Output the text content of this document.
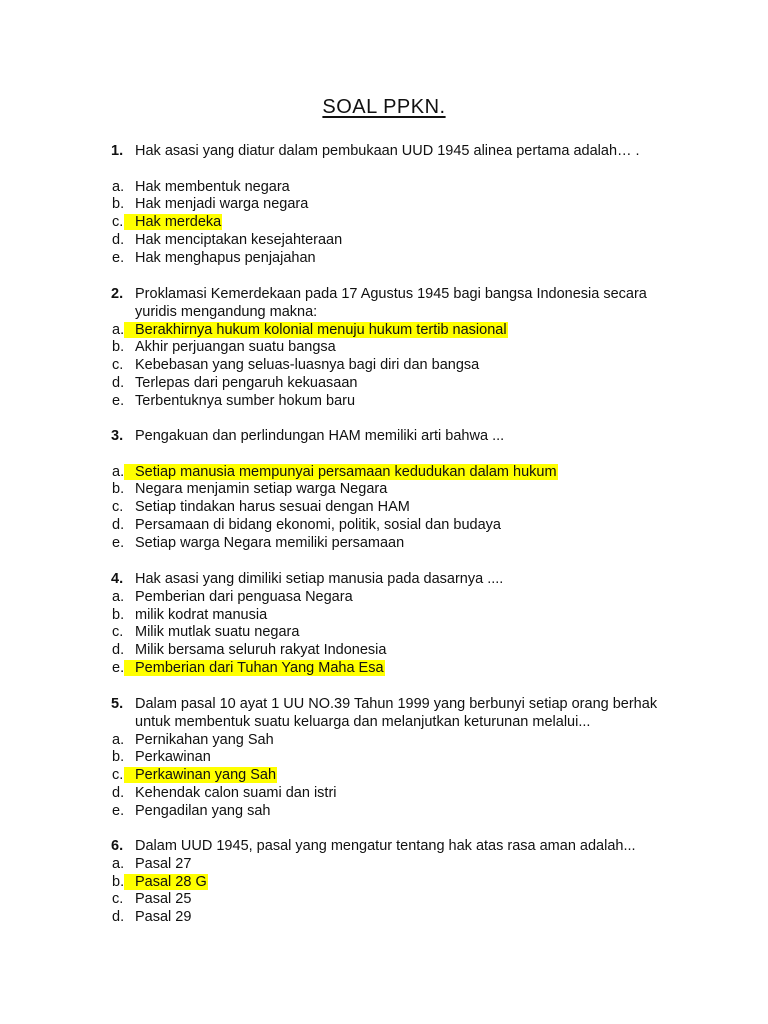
SOAL PPKN.
1. Hak asasi yang diatur dalam pembukaan UUD 1945 alinea pertama adalah… .
a. Hak membentuk negara
b. Hak menjadi warga negara
c. Hak merdeka
d. Hak menciptakan kesejahteraan
e. Hak menghapus penjajahan
2. Proklamasi Kemerdekaan pada 17 Agustus 1945 bagi bangsa Indonesia secara yuridis mengandung makna:
a. Berakhirnya hukum kolonial menuju hukum tertib nasional
b. Akhir perjuangan suatu bangsa
c. Kebebasan yang seluas-luasnya bagi diri dan bangsa
d. Terlepas dari pengaruh kekuasaan
e. Terbentuknya sumber hokum baru
3. Pengakuan dan perlindungan HAM memiliki arti bahwa ...
a. Setiap manusia mempunyai persamaan kedudukan dalam hukum
b. Negara menjamin setiap warga Negara
c. Setiap tindakan harus sesuai dengan HAM
d. Persamaan di bidang ekonomi, politik, sosial dan budaya
e. Setiap warga Negara memiliki persamaan
4. Hak asasi yang dimiliki setiap manusia pada dasarnya ....
a. Pemberian dari penguasa Negara
b. milik kodrat manusia
c. Milik mutlak suatu negara
d. Milik bersama seluruh rakyat Indonesia
e. Pemberian dari Tuhan Yang Maha Esa
5. Dalam pasal 10 ayat 1 UU NO.39 Tahun 1999 yang berbunyi setiap orang berhak untuk membentuk suatu keluarga dan melanjutkan keturunan melalui...
a. Pernikahan yang Sah
b. Perkawinan
c. Perkawinan yang Sah
d. Kehendak calon suami dan istri
e. Pengadilan yang sah
6. Dalam UUD 1945, pasal yang mengatur tentang hak atas rasa aman adalah...
a. Pasal 27
b. Pasal 28 G
c. Pasal 25
d. Pasal 29
